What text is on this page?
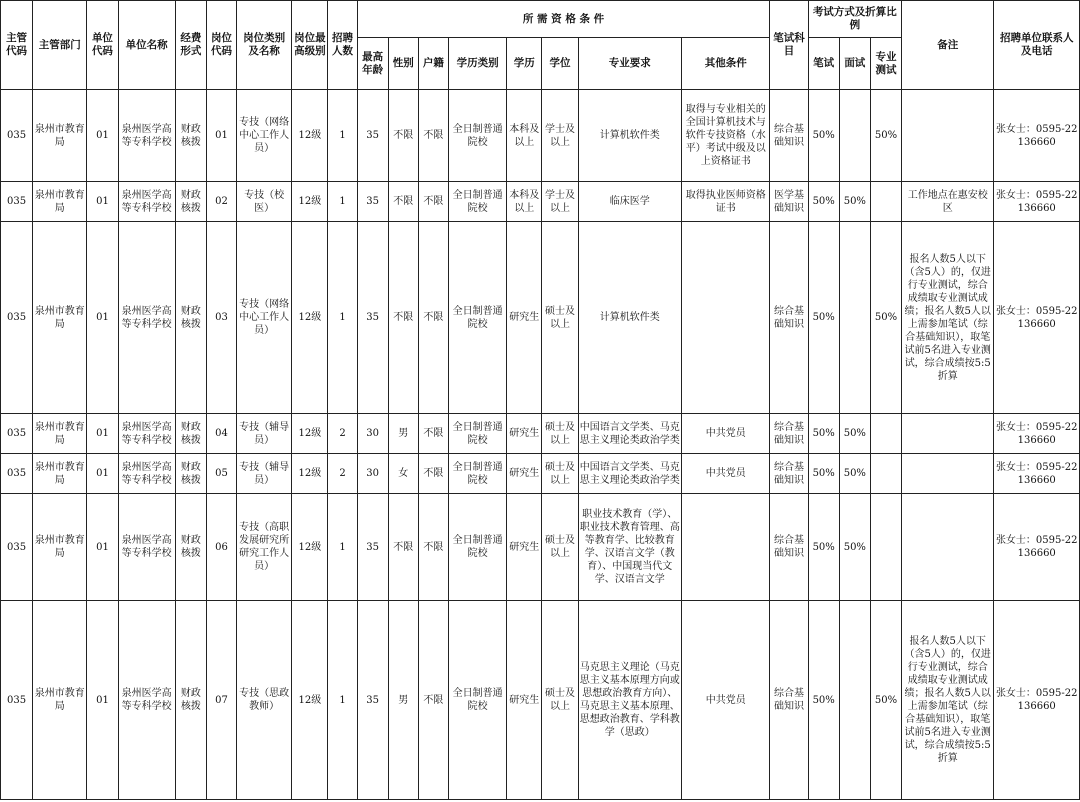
主管代码	主管部门	单位代码	单位名称	经费形式	岗位代码	岗位类别及名称	岗位最高级别	招聘人数	所 需 资 格 条 件								笔试科目	考试方式及折算比例			备注	招聘单位联系人及电话
									最高年龄	性别	户籍	学历类别	学历	学位	专业要求	其他条件		笔试	面试	专业测试		

035	泉州市教育局	01	泉州医学高等专科学校	财政核拨	01	专技（网络中心工作人员）	12级	1	35	不限	不限	全日制普通院校	本科及以上	学士及以上	计算机软件类	取得与专业相关的全国计算机技术与软件专技资格（水平）考试中级及以上资格证书	综合基础知识	50%		50%		张女士：0595-22136660

035	泉州市教育局	01	泉州医学高等专科学校	财政核拨	02	专技（校医）	12级	1	35	不限	不限	全日制普通院校	本科及以上	学士及以上	临床医学	取得执业医师资格证书	医学基础知识	50%	50%		工作地点在惠安校区	张女士：0595-22136660

035	泉州市教育局	01	泉州医学高等专科学校	财政核拨	03	专技（网络中心工作人员）	12级	1	35	不限	不限	全日制普通院校	研究生	硕士及以上	计算机软件类		综合基础知识	50%		50%	报名人数5人以下（含5人）的，仅进行专业测试，综合成绩取专业测试成绩；报名人数5人以上需参加笔试（综合基础知识），取笔试前5名进入专业测试，综合成绩按5:5折算	张女士：0595-22136660

035	泉州市教育局	01	泉州医学高等专科学校	财政核拨	04	专技（辅导员）	12级	2	30	男	不限	全日制普通院校	研究生	硕士及以上	中国语言文学类、马克思主义理论类政治学类	中共党员	综合基础知识	50%	50%			张女士：0595-22136660

035	泉州市教育局	01	泉州医学高等专科学校	财政核拨	05	专技（辅导员）	12级	2	30	女	不限	全日制普通院校	研究生	硕士及以上	中国语言文学类、马克思主义理论类政治学类	中共党员	综合基础知识	50%	50%			张女士：0595-22136660

035	泉州市教育局	01	泉州医学高等专科学校	财政核拨	06	专技（高职发展研究所研究工作人员）	12级	1	35	不限	不限	全日制普通院校	研究生	硕士及以上	职业技术教育（学）、职业技术教育管理、高等教育学、比较教育学、汉语言文学（教育）、中国现当代文学、汉语言文学		综合基础知识	50%	50%			张女士：0595-22136660

035	泉州市教育局	01	泉州医学高等专科学校	财政核拨	07	专技（思政教师）	12级	1	35	男	不限	全日制普通院校	研究生	硕士及以上	马克思主义理论（马克思主义基本原理方向或思想政治教育方向）、马克思主义基本原理、思想政治教育、学科教学（思政）	中共党员	综合基础知识	50%		50%	报名人数5人以下（含5人）的，仅进行专业测试，综合成绩取专业测试成绩；报名人数5人以上需参加笔试（综合基础知识），取笔试前5名进入专业测试，综合成绩按5:5折算	张女士：0595-22136660
